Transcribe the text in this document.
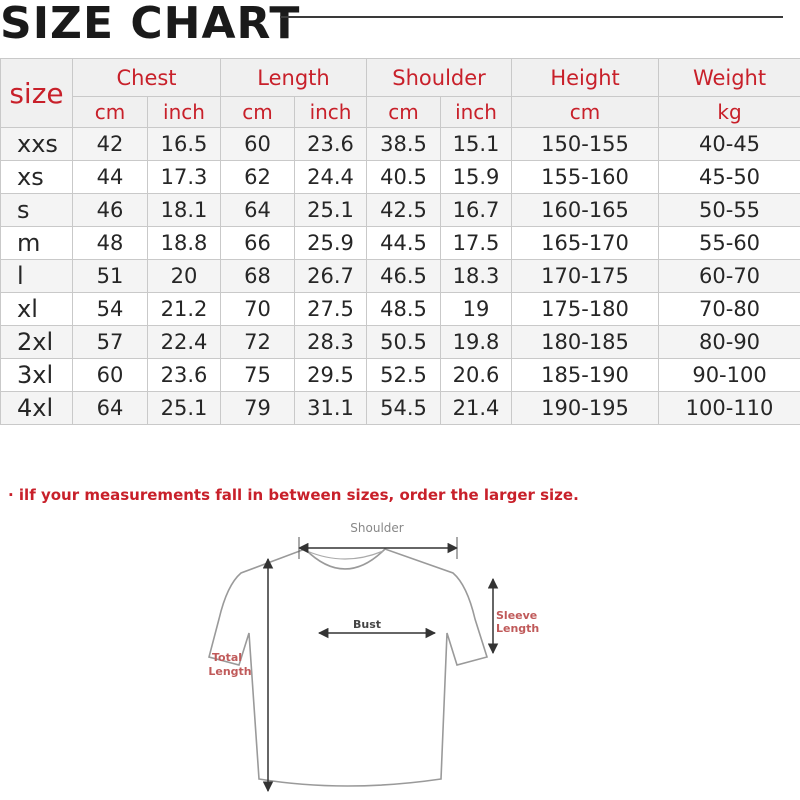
SIZE CHART
size	Chest		Length		Shoulder		Height	Weight
	cm	inch	cm	inch	cm	inch	cm	kg
xxs	42	16.5	60	23.6	38.5	15.1	150-155	40-45
xs	44	17.3	62	24.4	40.5	15.9	155-160	45-50
s	46	18.1	64	25.1	42.5	16.7	160-165	50-55
m	48	18.8	66	25.9	44.5	17.5	165-170	55-60
l	51	20	68	26.7	46.5	18.3	170-175	60-70
xl	54	21.2	70	27.5	48.5	19	175-180	70-80
2xl	57	22.4	72	28.3	50.5	19.8	180-185	80-90
3xl	60	23.6	75	29.5	52.5	20.6	185-190	90-100
4xl	64	25.1	79	31.1	54.5	21.4	190-195	100-110
· ilf your measurements fall in between sizes, order the larger size.
Shoulder
Bust
Sleeve
Length
Total
Length
